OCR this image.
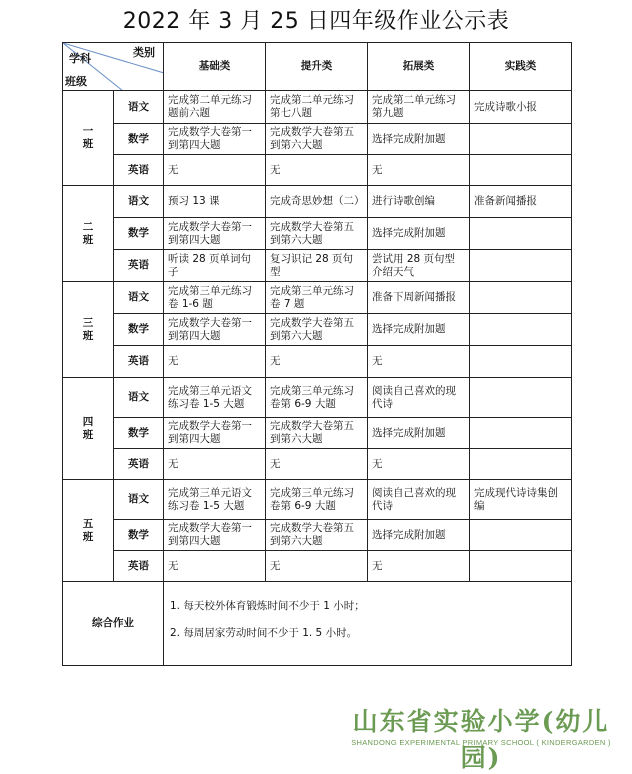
2022 年 3 月 25 日四年级作业公示表
类别
学科
班级		基础类	提升类	拓展类	实践类
一
班	语文	完成第二单元练习题前六题	完成第二单元练习第七八题	完成第二单元练习第九题	完成诗歌小报
	数学	完成数学大卷第一到第四大题	完成数学大卷第五到第六大题	选择完成附加题	
	英语	无	无	无	
二
班	语文	预习 13 课	完成奇思妙想（二）	进行诗歌创编	准备新闻播报
	数学	完成数学大卷第一到第四大题	完成数学大卷第五到第六大题	选择完成附加题	
	英语	听读 28 页单词句子	复习识记 28 页句型	尝试用 28 页句型介绍天气	
三
班	语文	完成第三单元练习卷 1-6 题	完成第三单元练习卷 7 题	准备下周新闻播报	
	数学	完成数学大卷第一到第四大题	完成数学大卷第五到第六大题	选择完成附加题	
	英语	无	无	无	
四
班	语文	完成第三单元语文练习卷 1-5 大题	完成第三单元练习卷第 6-9 大题	阅读自己喜欢的现代诗	
	数学	完成数学大卷第一到第四大题	完成数学大卷第五到第六大题	选择完成附加题	
	英语	无	无	无	
五
班	语文	完成第三单元语文练习卷 1-5 大题	完成第三单元练习卷第 6-9 大题	阅读自己喜欢的现代诗	完成现代诗诗集创编
	数学	完成数学大卷第一到第四大题	完成数学大卷第五到第六大题	选择完成附加题	
	英语	无	无	无	
综合作业		1. 每天校外体育锻炼时间不少于 1 小时；

2. 每周居家劳动时间不少于 1. 5 小时。			

山东省实验小学(幼儿园)
SHANDONG EXPERIMENTAL PRIMARY SCHOOL ( KINDERGARDEN )
